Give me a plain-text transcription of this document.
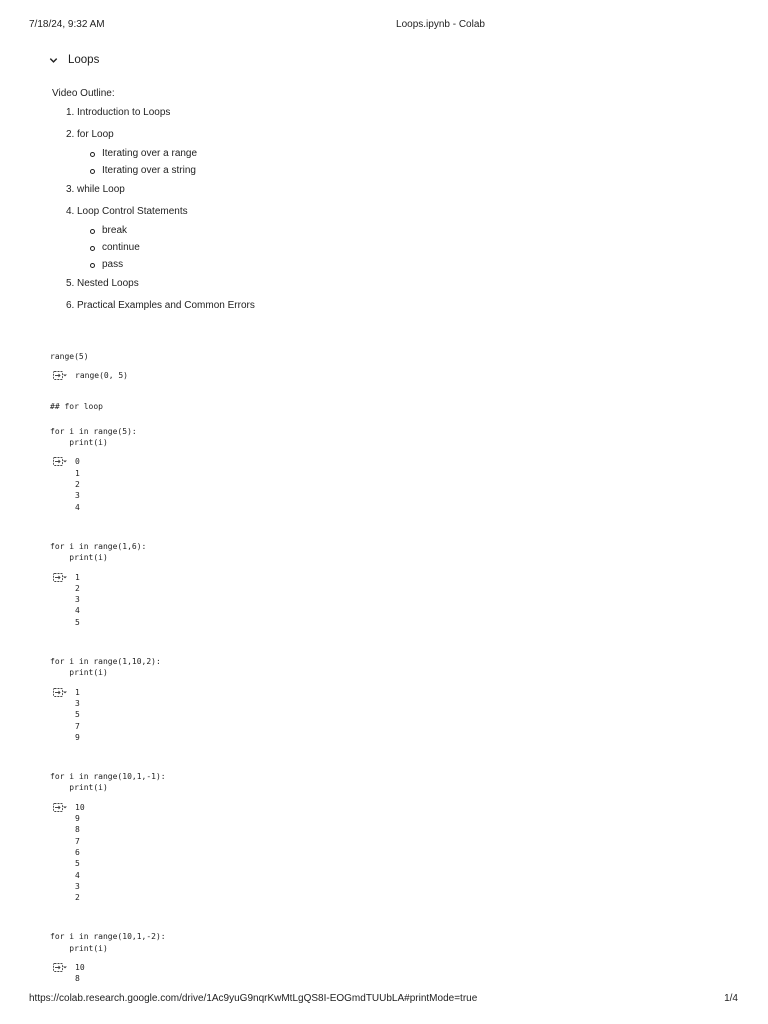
7/18/24, 9:32 AM	Loops.ipynb - Colab
Loops
Video Outline:
1. Introduction to Loops
2. for Loop
Iterating over a range
Iterating over a string
3. while Loop
4. Loop Control Statements
break
continue
pass
5. Nested Loops
6. Practical Examples and Common Errors
range(5)
range(0, 5)
## for loop
for i in range(5):
print(i)
0
1
2
3
4
for i in range(1,6):
print(i)
1
2
3
4
5
for i in range(1,10,2):
print(i)
1
3
5
7
9
for i in range(10,1,-1):
print(i)
10
9
8
7
6
5
4
3
2
for i in range(10,1,-2):
print(i)
10
8
https://colab.research.google.com/drive/1Ac9yuG9nqrKwMtLgQS8I-EOGmdTUUbLA#printMode=true	1/4
